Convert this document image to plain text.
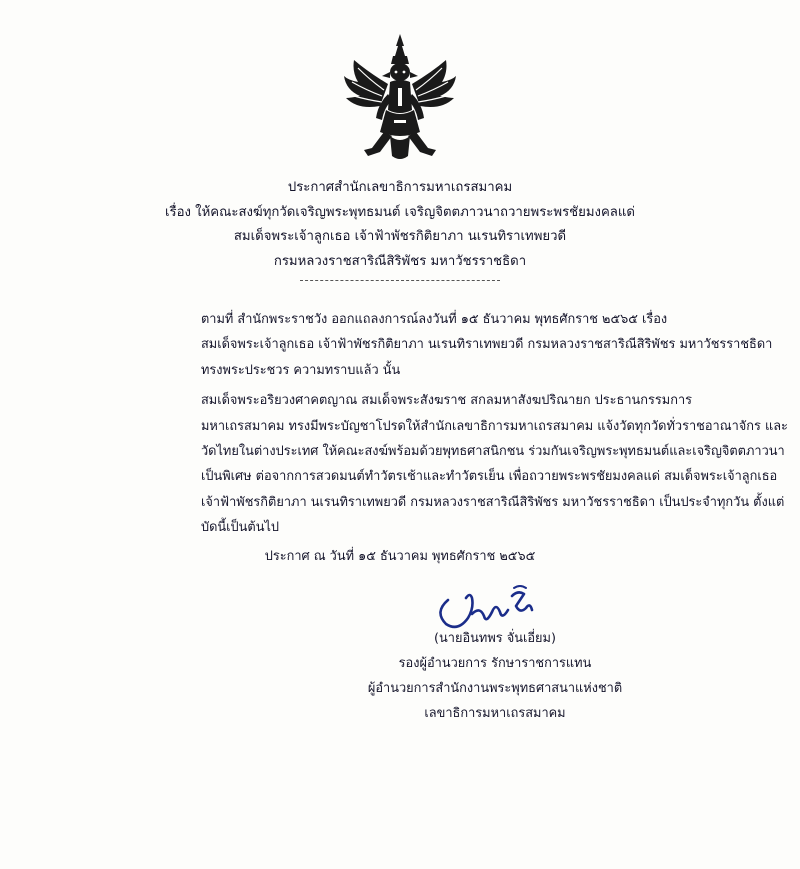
ประกาศสำนักเลขาธิการมหาเถรสมาคม
เรื่อง ให้คณะสงฆ์ทุกวัดเจริญพระพุทธมนต์ เจริญจิตตภาวนาถวายพระพรชัยมงคลแด่
สมเด็จพระเจ้าลูกเธอ เจ้าฟ้าพัชรกิติยาภา นเรนทิราเทพยวดี
กรมหลวงราชสาริณีสิริพัชร มหาวัชรราชธิดา

ตามที่ สำนักพระราชวัง ออกแถลงการณ์ลงวันที่ ๑๕ ธันวาคม พุทธศักราช ๒๕๖๕ เรื่อง
สมเด็จพระเจ้าลูกเธอ เจ้าฟ้าพัชรกิติยาภา นเรนทิราเทพยวดี กรมหลวงราชสาริณีสิริพัชร มหาวัชรราชธิดา
ทรงพระประชวร ความทราบแล้ว นั้น

สมเด็จพระอริยวงศาคตญาณ สมเด็จพระสังฆราช สกลมหาสังฆปริณายก ประธานกรรมการ
มหาเถรสมาคม ทรงมีพระบัญชาโปรดให้สำนักเลขาธิการมหาเถรสมาคม แจ้งวัดทุกวัดทั่วราชอาณาจักร และ
วัดไทยในต่างประเทศ ให้คณะสงฆ์พร้อมด้วยพุทธศาสนิกชน ร่วมกันเจริญพระพุทธมนต์และเจริญจิตตภาวนา
เป็นพิเศษ ต่อจากการสวดมนต์ทำวัตรเช้าและทำวัตรเย็น เพื่อถวายพระพรชัยมงคลแด่ สมเด็จพระเจ้าลูกเธอ
เจ้าฟ้าพัชรกิติยาภา นเรนทิราเทพยวดี กรมหลวงราชสาริณีสิริพัชร มหาวัชรราชธิดา เป็นประจำทุกวัน ตั้งแต่
บัดนี้เป็นต้นไป

ประกาศ ณ วันที่ ๑๕ ธันวาคม พุทธศักราช ๒๕๖๕
(นายอินทพร จั่นเอี่ยม)
รองผู้อำนวยการ รักษาราชการแทน
ผู้อำนวยการสำนักงานพระพุทธศาสนาแห่งชาติ
เลขาธิการมหาเถรสมาคม
